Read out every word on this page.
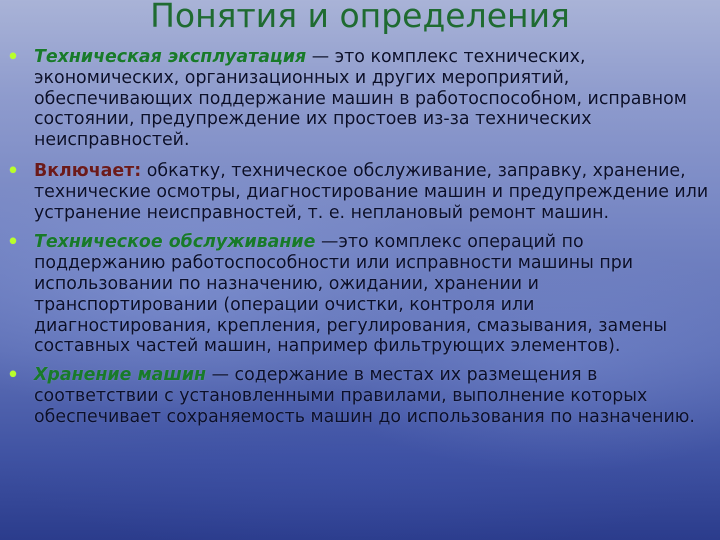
Понятия и определения
• Техническая эксплуатация — это комплекс технических, экономических, организационных и других мероприятий, обеспечивающих поддержание машин в работоспособном, исправном состоянии, предупреждение их простоев из-за технических неисправностей.
• Включает: обкатку, техническое обслуживание, заправку, хранение, технические осмотры, диагностирование машин и предупреждение или устранение неисправностей, т. е. неплановый ремонт машин.
• Техническое обслуживание —это комплекс операций по поддержанию работоспособности или исправности машины при использовании по назначению, ожидании, хранении и транспортировании (операции очистки, контроля или диагностирования, крепления, регулирования, смазывания, замены составных частей машин, например фильтрующих элементов).
• Хранение машин — содержание в местах их размещения в соответствии с установленными правилами, выполнение которых обеспечивает сохраняемость машин до использования по назначению.
